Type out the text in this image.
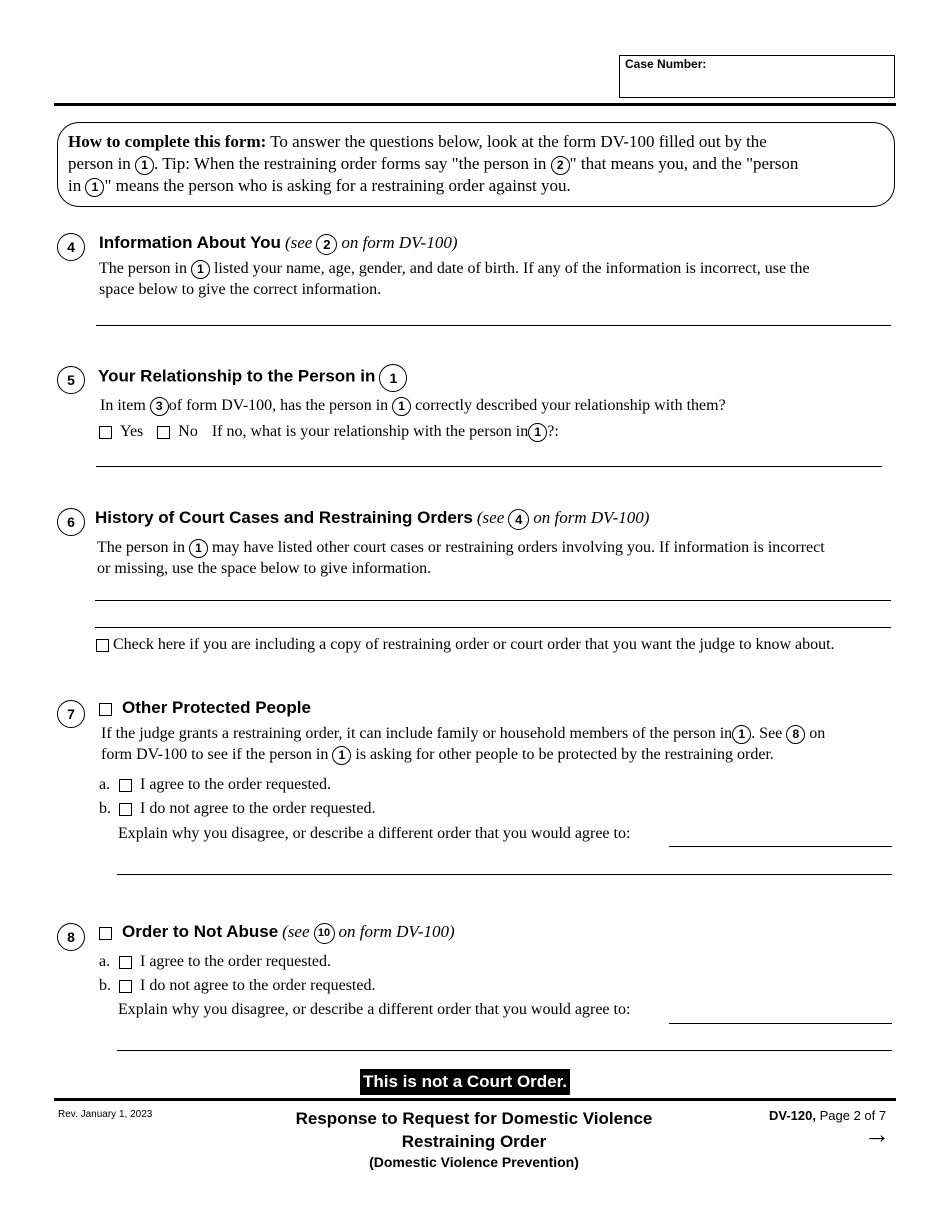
Case Number:
How to complete this form: To answer the questions below, look at the form DV-100 filled out by the
person in 1 . Tip: When the restraining order forms say "the person in 2 " that means you, and the "person
in 1 " means the person who is asking for a restraining order against you.
4	Information About You (see 2 on form DV-100)
The person in 1 listed your name, age, gender, and date of birth. If any of the information is incorrect, use the
space below to give the correct information.
5	Your Relationship to the Person in 1
In item 3 of form DV-100, has the person in 1 correctly described your relationship with them?
Yes No If no, what is your relationship with the person in 1 ?:
6	History of Court Cases and Restraining Orders (see 4 on form DV-100)
The person in 1 may have listed other court cases or restraining orders involving you. If information is incorrect
or missing, use the space below to give information.
Check here if you are including a copy of restraining order or court order that you want the judge to know about.
7	Other Protected People
If the judge grants a restraining order, it can include family or household members of the person in 1 . See 8 on
form DV-100 to see if the person in 1 is asking for other people to be protected by the restraining order.
a. I agree to the order requested.
b. I do not agree to the order requested.
Explain why you disagree, or describe a different order that you would agree to:
8	Order to Not Abuse (see 10 on form DV-100)
a. I agree to the order requested.
b. I do not agree to the order requested.
Explain why you disagree, or describe a different order that you would agree to:
This is not a Court Order.
Rev. January 1, 2023	Response to Request for Domestic Violence
Restraining Order
(Domestic Violence Prevention)
DV-120, Page 2 of 7
→
